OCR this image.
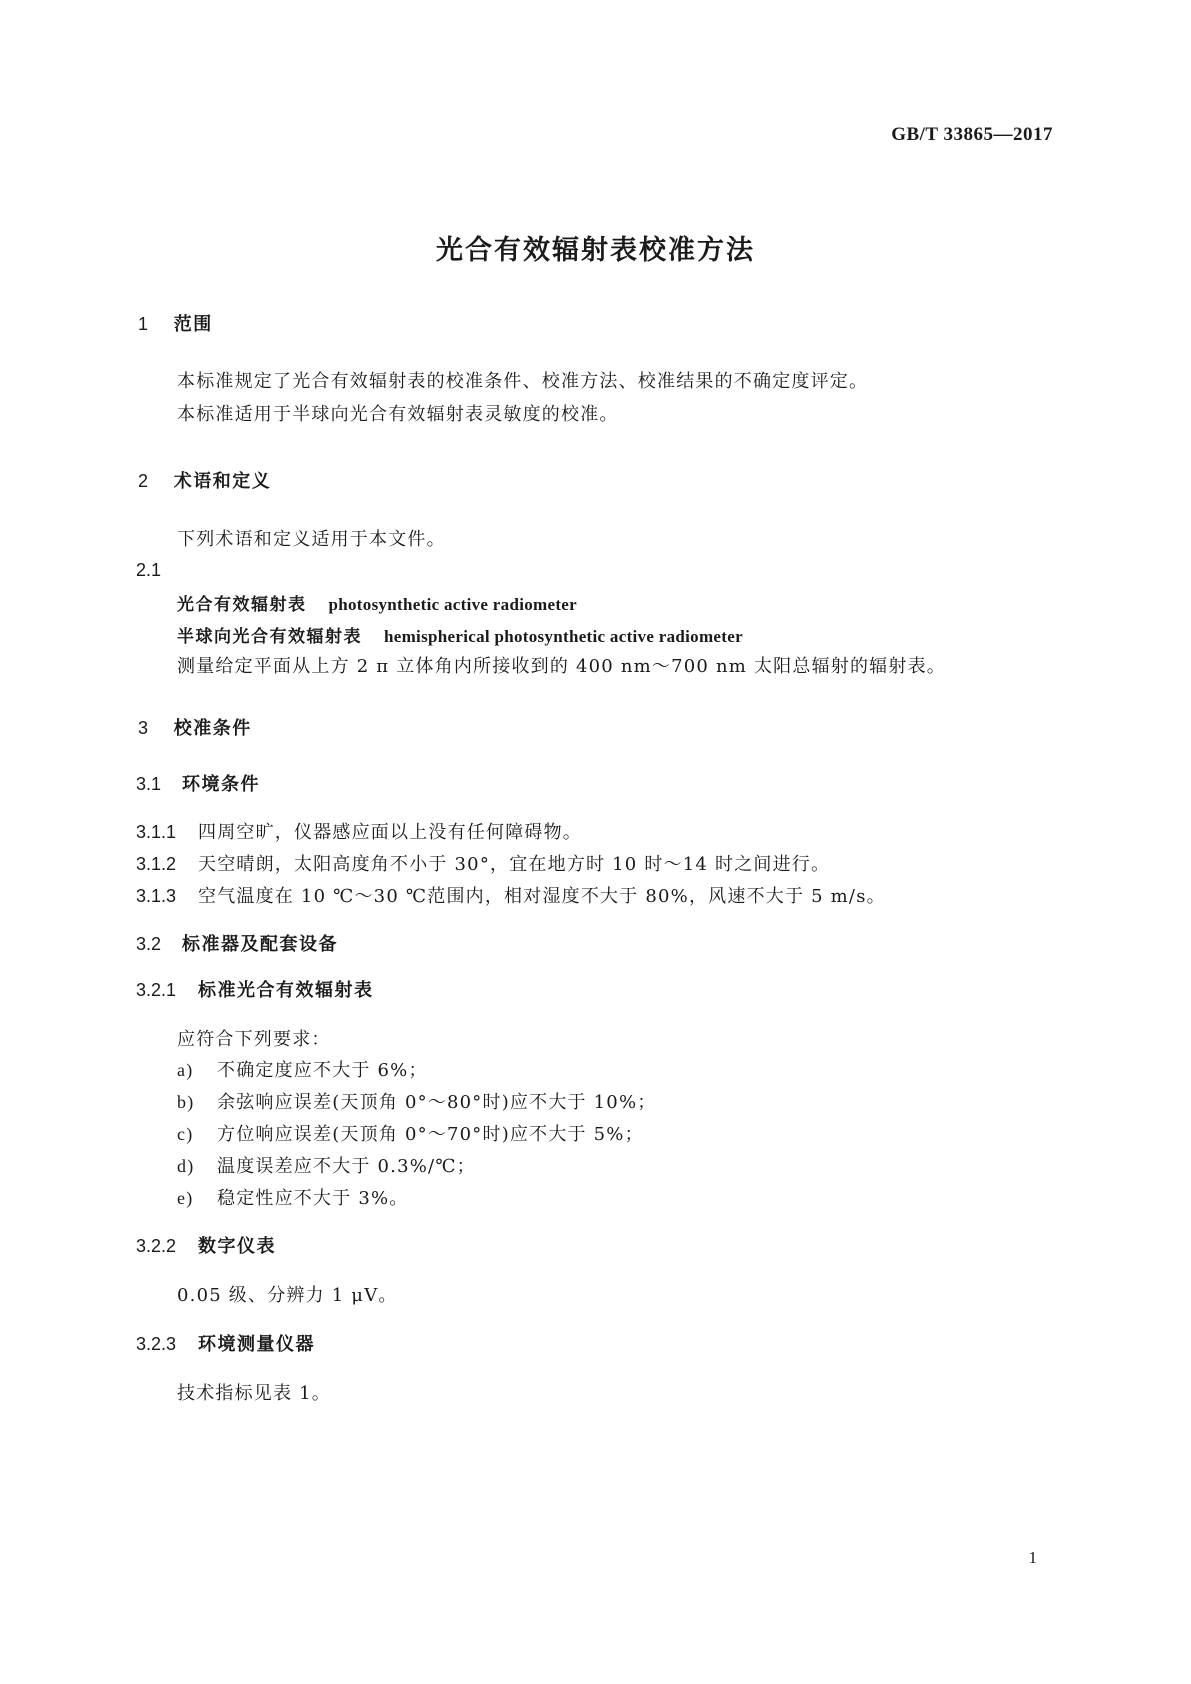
GB/T 33865—2017
光合有效辐射表校准方法
1 范围
本标准规定了光合有效辐射表的校准条件、校准方法、校准结果的不确定度评定。
本标准适用于半球向光合有效辐射表灵敏度的校准。
2 术语和定义
下列术语和定义适用于本文件。
2.1
光合有效辐射表 photosynthetic active radiometer
半球向光合有效辐射表 hemispherical photosynthetic active radiometer
测量给定平面从上方 2 π 立体角内所接收到的 400 nm～700 nm 太阳总辐射的辐射表。
3 校准条件
3.1 环境条件
3.1.1 四周空旷，仪器感应面以上没有任何障碍物。
3.1.2 天空晴朗，太阳高度角不小于 30°，宜在地方时 10 时～14 时之间进行。
3.1.3 空气温度在 10 ℃～30 ℃范围内，相对湿度不大于 80%，风速不大于 5 m/s。
3.2 标准器及配套设备
3.2.1 标准光合有效辐射表
应符合下列要求：
a) 不确定度应不大于 6%；
b) 余弦响应误差(天顶角 0°～80°时)应不大于 10%；
c) 方位响应误差(天顶角 0°～70°时)应不大于 5%；
d) 温度误差应不大于 0.3%/℃；
e) 稳定性应不大于 3%。
3.2.2 数字仪表
0.05 级、分辨力 1 μV。
3.2.3 环境测量仪器
技术指标见表 1。
1
